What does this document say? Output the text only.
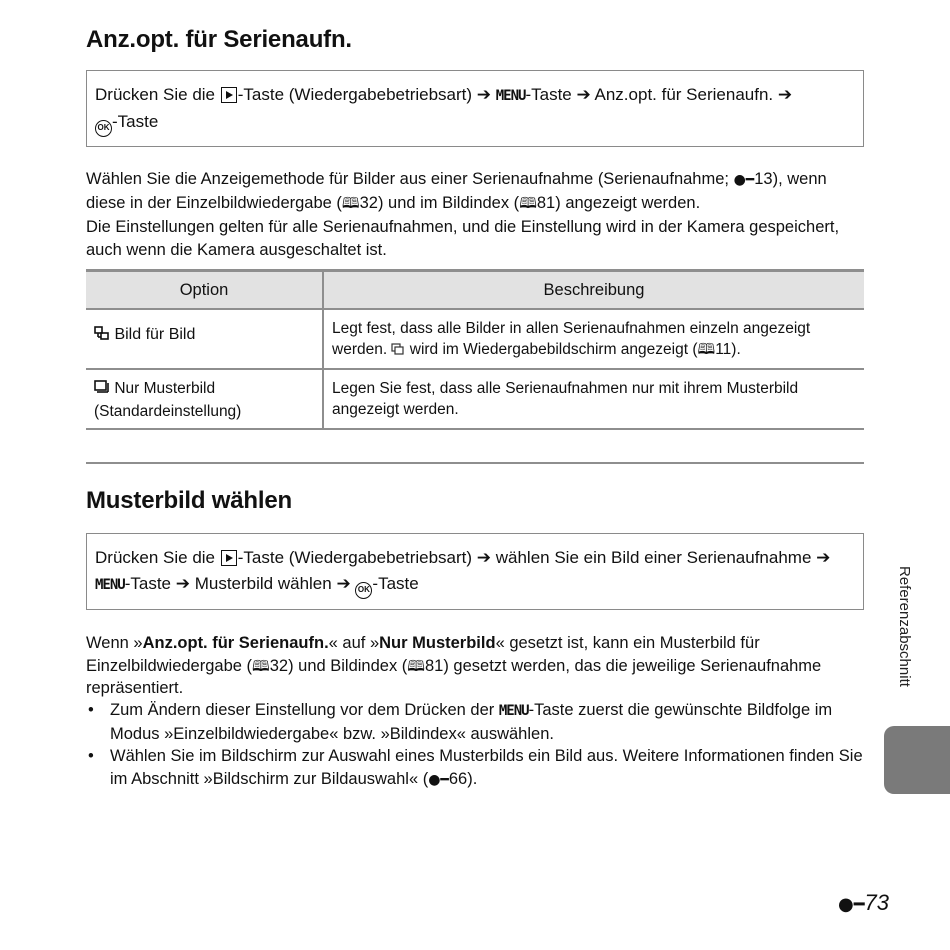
Anz.opt. für Serienaufn.
Drücken Sie die -Taste (Wiedergabebetriebsart) ➔ MENU-Taste ➔ Anz.opt. für Serienaufn. ➔
OK -Taste
Wählen Sie die Anzeigemethode für Bilder aus einer Serienaufnahme (Serienaufnahme; ●━13), wenn diese in der Einzelbildwiedergabe (🕮32) und im Bildindex (🕮81) angezeigt werden.
Die Einstellungen gelten für alle Serienaufnahmen, und die Einstellung wird in der Kamera gespeichert, auch wenn die Kamera ausgeschaltet ist.
Option	Beschreibung
Bild für Bild	Legt fest, dass alle Bilder in allen Serienaufnahmen einzeln angezeigt werden.  wird im Wiedergabebildschirm angezeigt (🕮11).
Nur Musterbild
(Standardeinstellung)	Legen Sie fest, dass alle Serienaufnahmen nur mit ihrem Musterbild angezeigt werden.
Musterbild wählen
Drücken Sie die -Taste (Wiedergabebetriebsart) ➔ wählen Sie ein Bild einer Serienaufnahme ➔ MENU-Taste ➔ Musterbild wählen ➔ OK -Taste
Wenn »Anz.opt. für Serienaufn.« auf »Nur Musterbild« gesetzt ist, kann ein Musterbild für Einzelbildwiedergabe (🕮32) und Bildindex (🕮81) gesetzt werden, das die jeweilige Serienaufnahme repräsentiert.
• Zum Ändern dieser Einstellung vor dem Drücken der MENU-Taste zuerst die gewünschte Bildfolge im Modus »Einzelbildwiedergabe« bzw. »Bildindex« auswählen.
• Wählen Sie im Bildschirm zur Auswahl eines Musterbilds ein Bild aus. Weitere Informationen finden Sie im Abschnitt »Bildschirm zur Bildauswahl« (●━66).
Referenzabschnitt
●━73
